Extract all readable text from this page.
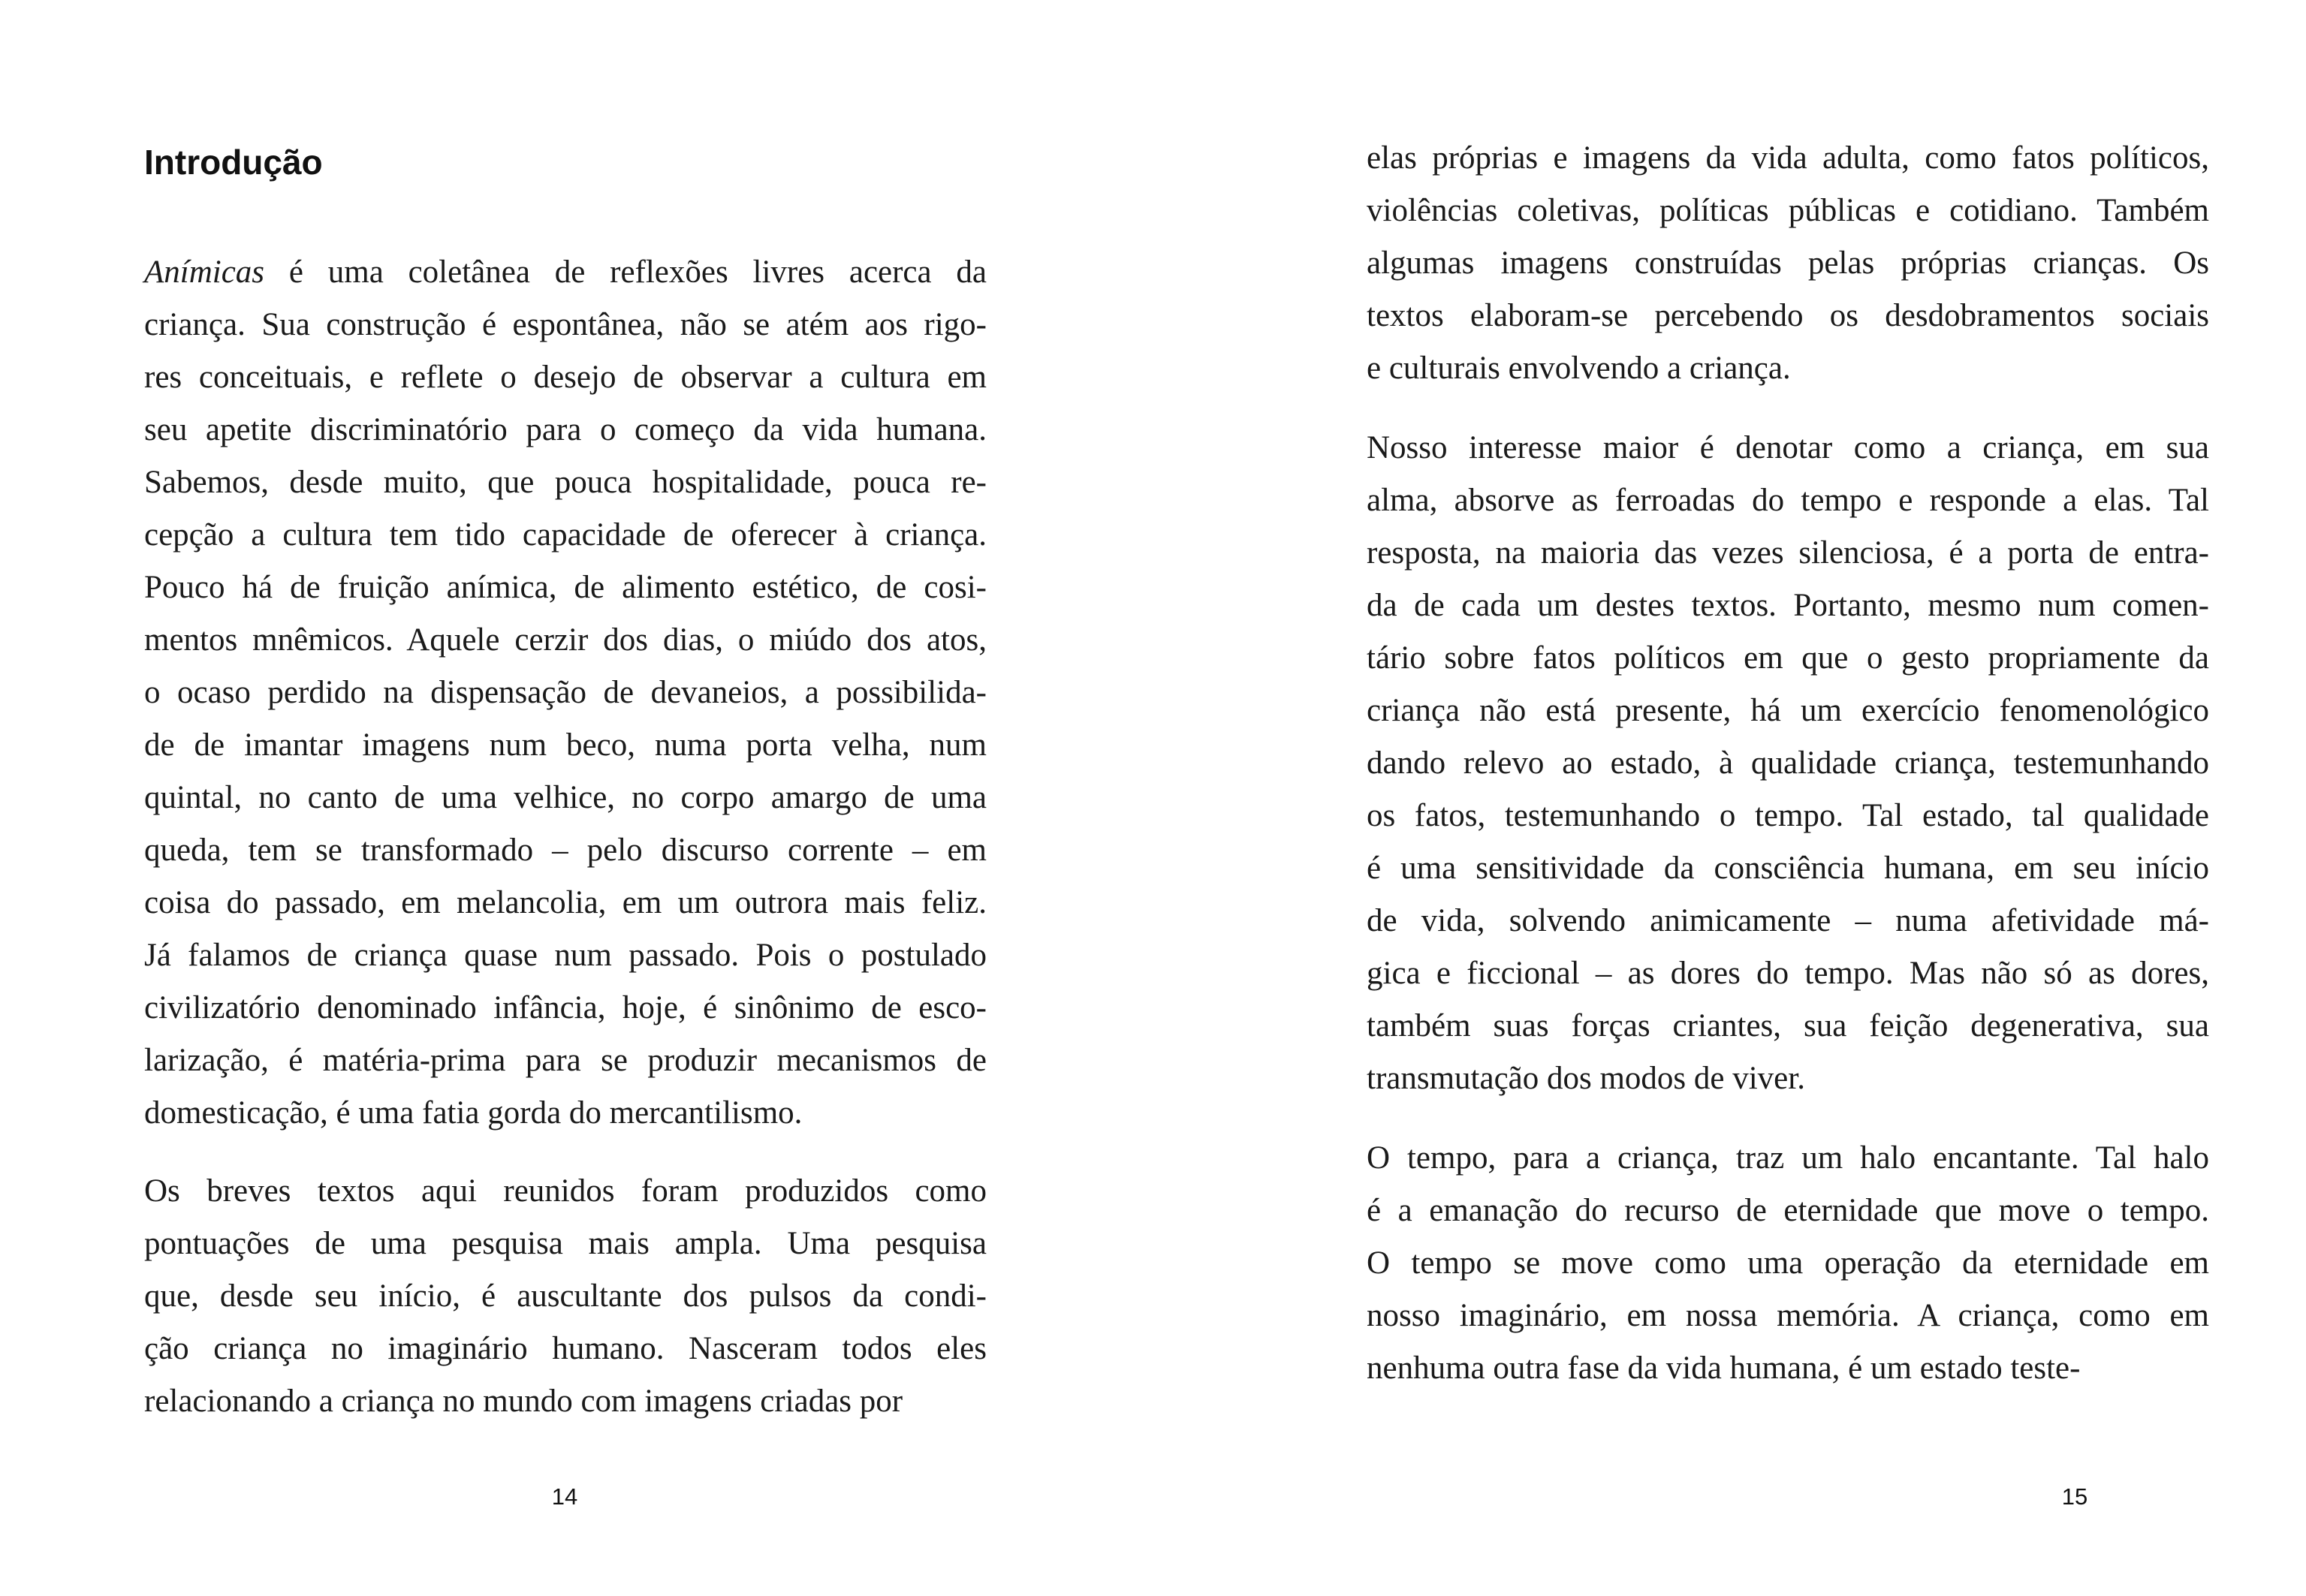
Introdução
Anímicas é uma coletânea de reflexões livres acerca da
criança. Sua construção é espontânea, não se atém aos rigo-
res conceituais, e reflete o desejo de observar a cultura em
seu apetite discriminatório para o começo da vida humana.
Sabemos, desde muito, que pouca hospitalidade, pouca re-
cepção a cultura tem tido capacidade de oferecer à criança.
Pouco há de fruição anímica, de alimento estético, de cosi-
mentos mnêmicos. Aquele cerzir dos dias, o miúdo dos atos,
o ocaso perdido na dispensação de devaneios, a possibilida-
de de imantar imagens num beco, numa porta velha, num
quintal, no canto de uma velhice, no corpo amargo de uma
queda, tem se transformado – pelo discurso corrente – em
coisa do passado, em melancolia, em um outrora mais feliz.
Já falamos de criança quase num passado. Pois o postulado
civilizatório denominado infância, hoje, é sinônimo de esco-
larização, é matéria-prima para se produzir mecanismos de
domesticação, é uma fatia gorda do mercantilismo.
Os breves textos aqui reunidos foram produzidos como
pontuações de uma pesquisa mais ampla. Uma pesquisa
que, desde seu início, é auscultante dos pulsos da condi-
ção criança no imaginário humano. Nasceram todos eles
relacionando a criança no mundo com imagens criadas por
14
elas próprias e imagens da vida adulta, como fatos políticos,
violências coletivas, políticas públicas e cotidiano. Também
algumas imagens construídas pelas próprias crianças. Os
textos elaboram-se percebendo os desdobramentos sociais
e culturais envolvendo a criança.
Nosso interesse maior é denotar como a criança, em sua
alma, absorve as ferroadas do tempo e responde a elas. Tal
resposta, na maioria das vezes silenciosa, é a porta de entra-
da de cada um destes textos. Portanto, mesmo num comen-
tário sobre fatos políticos em que o gesto propriamente da
criança não está presente, há um exercício fenomenológico
dando relevo ao estado, à qualidade criança, testemunhando
os fatos, testemunhando o tempo. Tal estado, tal qualidade
é uma sensitividade da consciência humana, em seu início
de vida, solvendo animicamente – numa afetividade má-
gica e ficcional – as dores do tempo. Mas não só as dores,
também suas forças criantes, sua feição degenerativa, sua
transmutação dos modos de viver.
O tempo, para a criança, traz um halo encantante. Tal halo
é a emanação do recurso de eternidade que move o tempo.
O tempo se move como uma operação da eternidade em
nosso imaginário, em nossa memória. A criança, como em
nenhuma outra fase da vida humana, é um estado teste-
15
